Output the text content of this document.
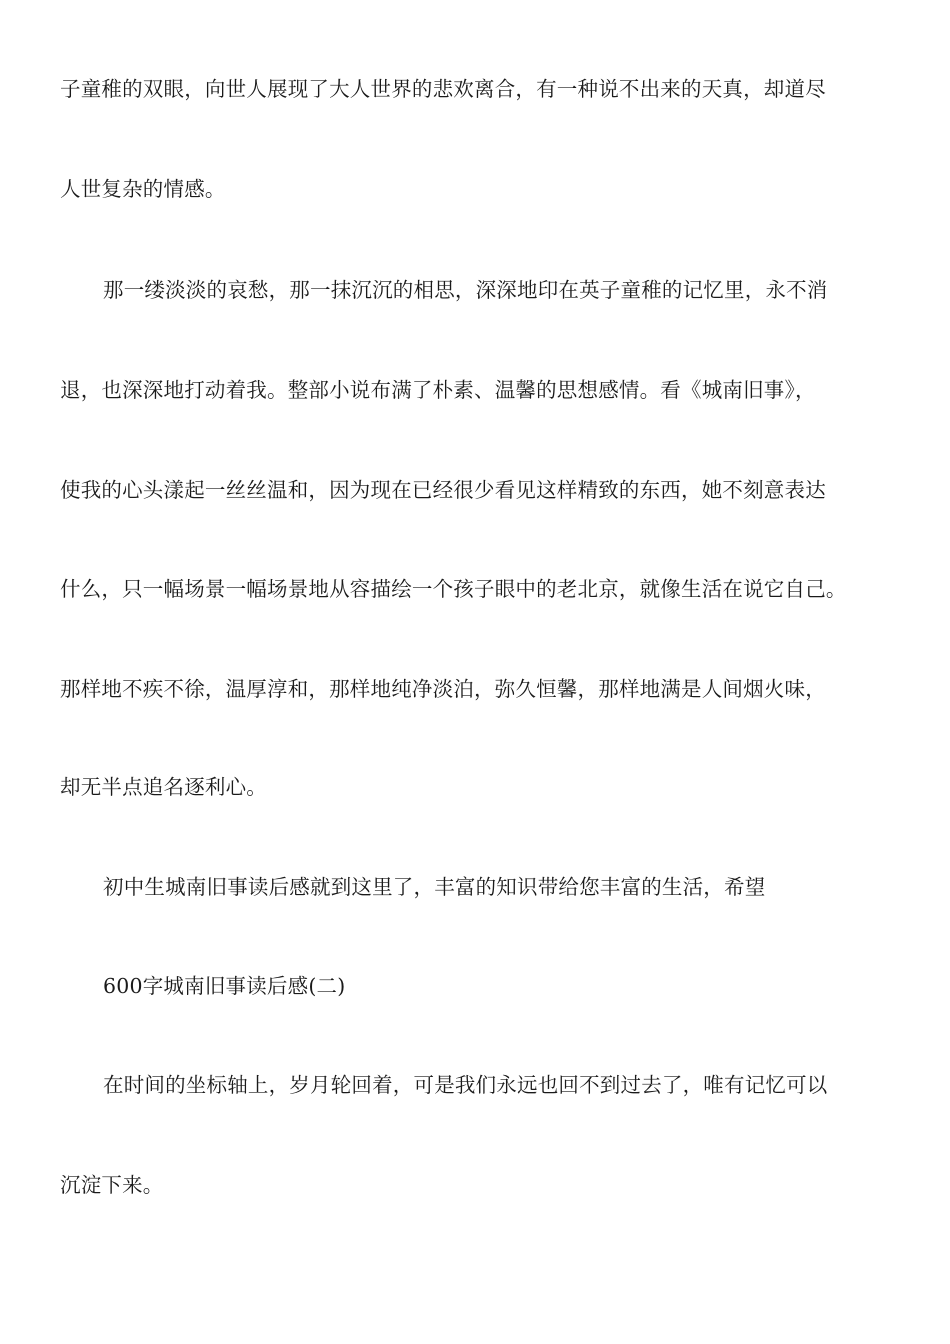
子童稚的双眼，向世人展现了大人世界的悲欢离合，有一种说不出来的天真，却道尽
人世复杂的情感。
那一缕淡淡的哀愁，那一抹沉沉的相思，深深地印在英子童稚的记忆里，永不消
退，也深深地打动着我。整部小说布满了朴素、温馨的思想感情。看《城南旧事》，
使我的心头漾起一丝丝温和，因为现在已经很少看见这样精致的东西，她不刻意表达
什么，只一幅场景一幅场景地从容描绘一个孩子眼中的老北京，就像生活在说它自己。
那样地不疾不徐，温厚淳和，那样地纯净淡泊，弥久恒馨，那样地满是人间烟火味，
却无半点追名逐利心。
初中生城南旧事读后感就到这里了，丰富的知识带给您丰富的生活，希望
600字城南旧事读后感(二)
在时间的坐标轴上，岁月轮回着，可是我们永远也回不到过去了，唯有记忆可以
沉淀下来。
